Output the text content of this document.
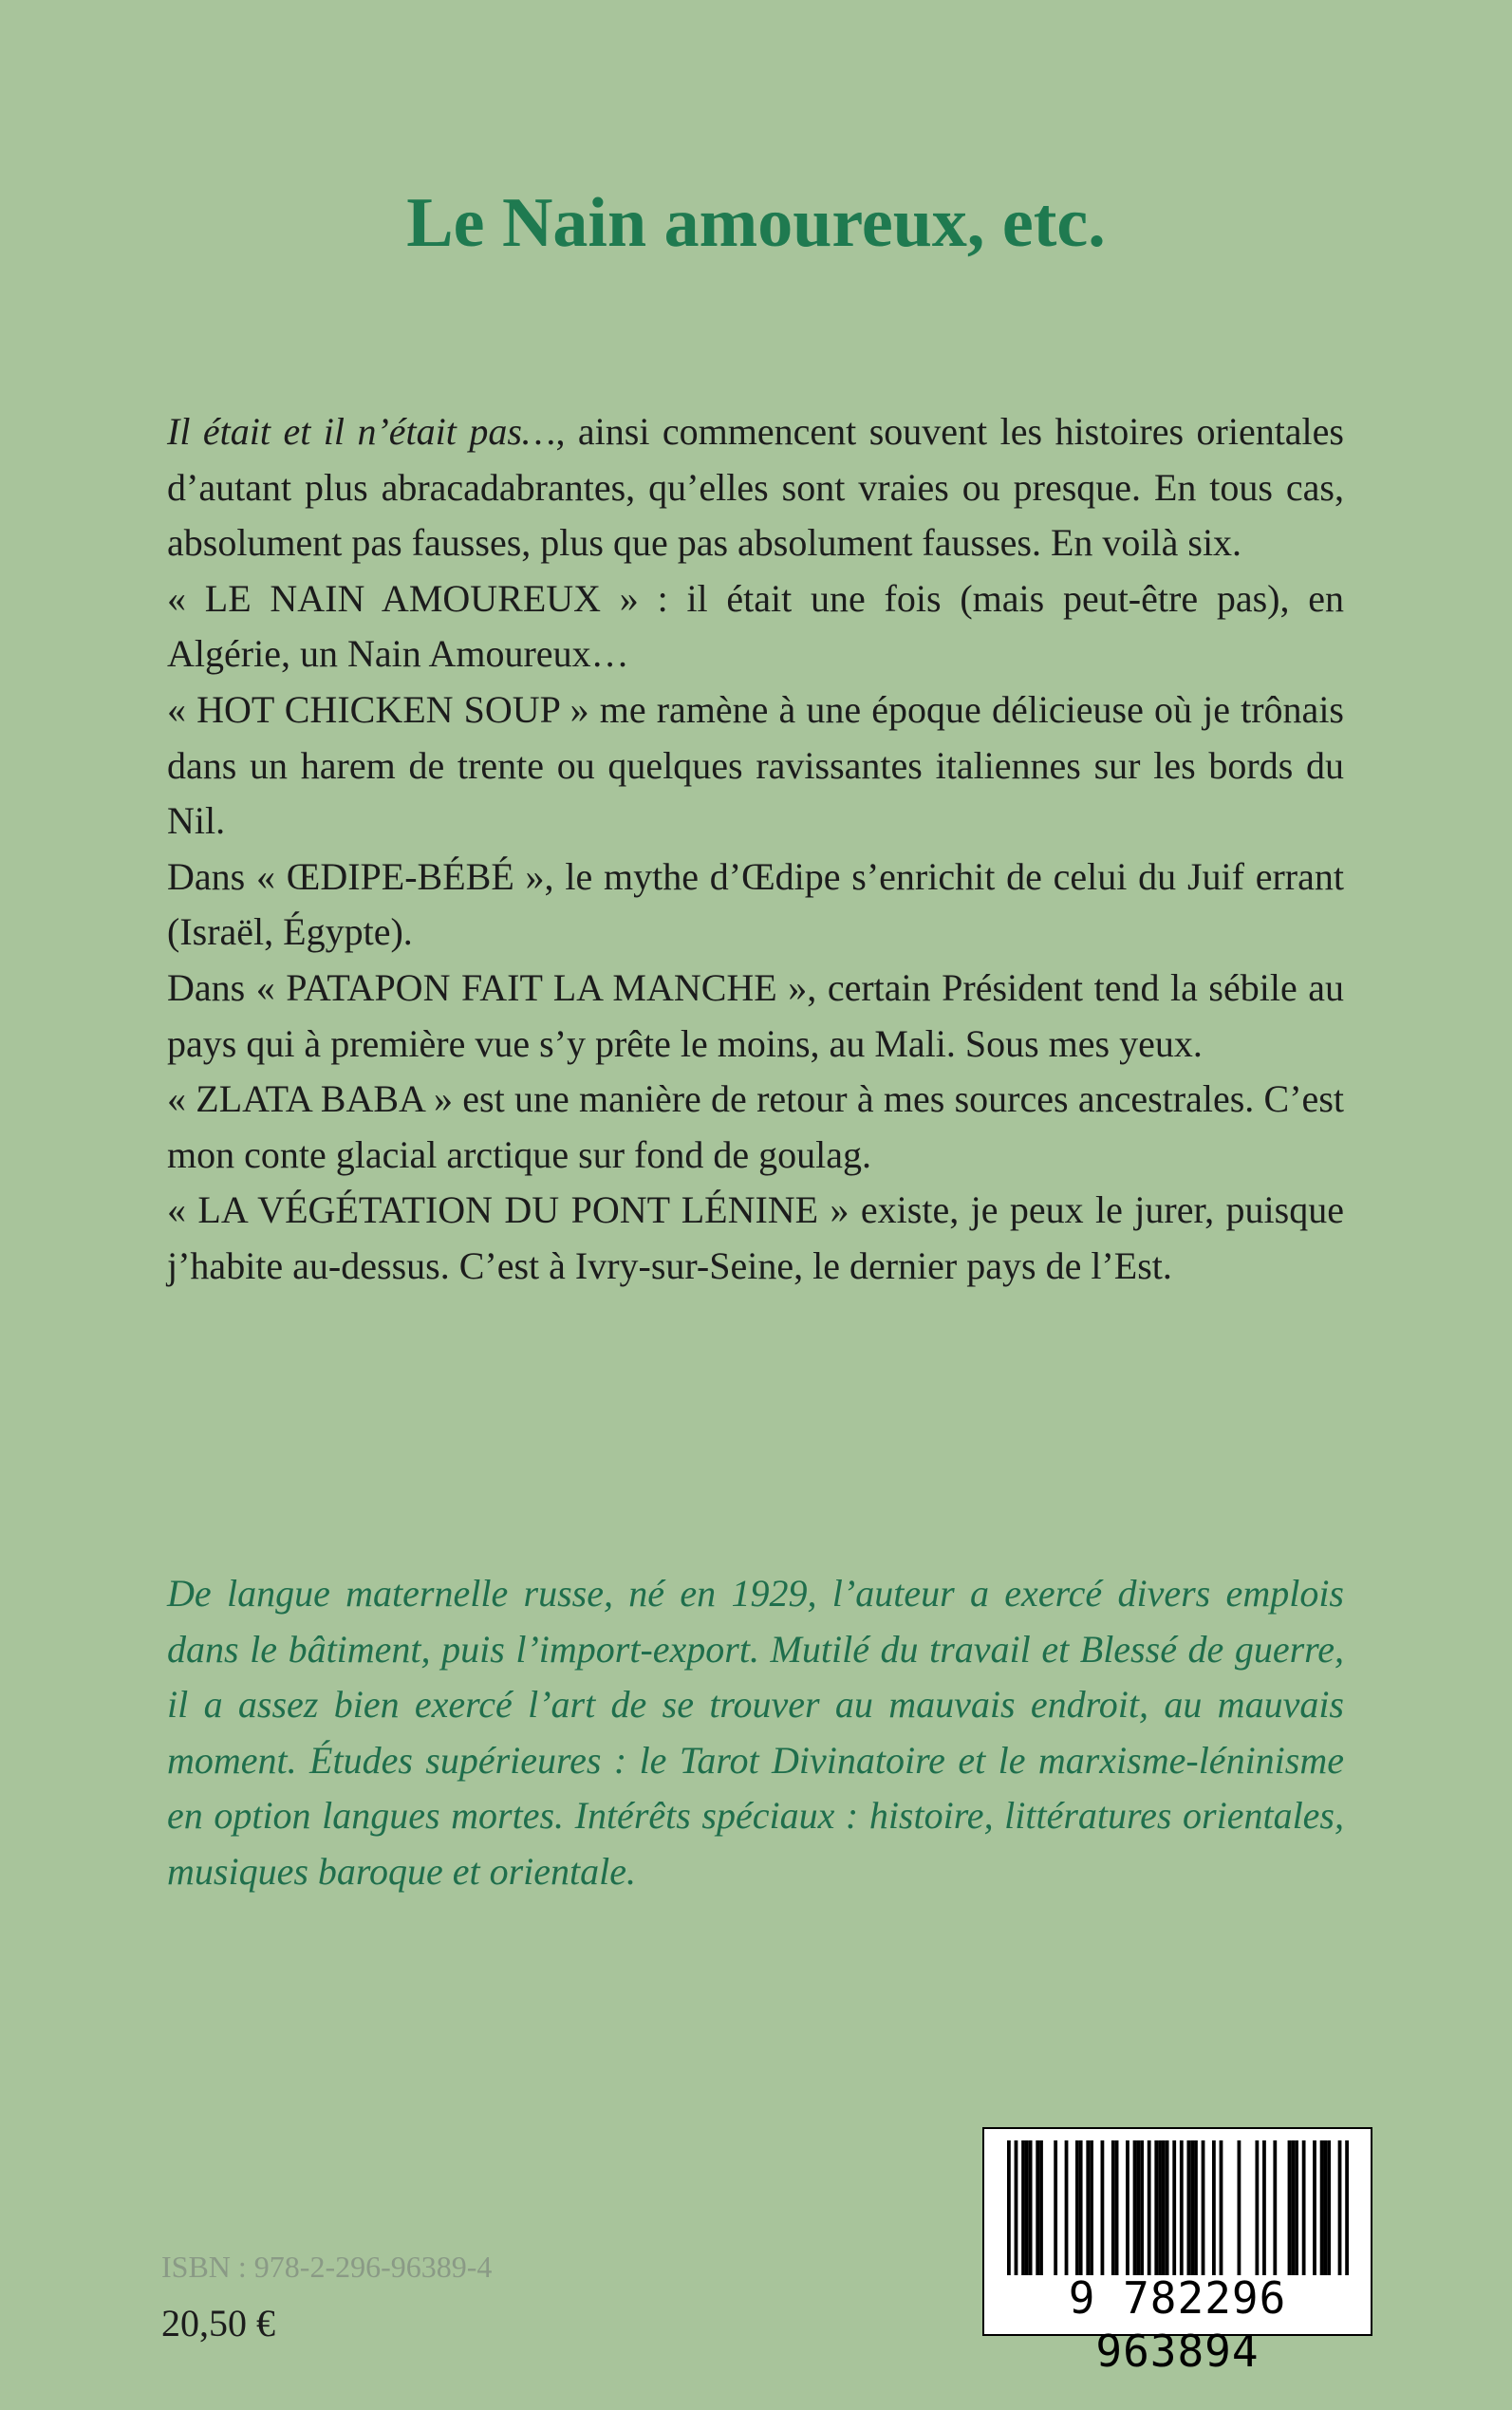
Le Nain amoureux, etc.

Il était et il n’était pas…, ainsi commencent souvent les histoires orientales d’autant plus abracadabrantes, qu’elles sont vraies ou presque. En tous cas, absolument pas fausses, plus que pas absolument fausses. En voilà six.

« LE NAIN AMOUREUX » : il était une fois (mais peut-être pas), en Algérie, un Nain Amoureux…

« HOT CHICKEN SOUP » me ramène à une époque délicieuse où je trônais dans un harem de trente ou quelques ravissantes italiennes sur les bords du Nil.

Dans « ŒDIPE-BÉBÉ », le mythe d’Œdipe s’enrichit de celui du Juif errant (Israël, Égypte).

Dans « PATAPON FAIT LA MANCHE », certain Président tend la sébile au pays qui à première vue s’y prête le moins, au Mali. Sous mes yeux.

« ZLATA BABA » est une manière de retour à mes sources ancestrales. C’est mon conte glacial arctique sur fond de goulag.

« LA VÉGÉTATION DU PONT LÉNINE » existe, je peux le jurer, puisque j’habite au-dessus. C’est à Ivry-sur-Seine, le dernier pays de l’Est.

De langue maternelle russe, né en 1929, l’auteur a exercé divers emplois dans le bâtiment, puis l’import-export. Mutilé du travail et Blessé de guerre, il a assez bien exercé l’art de se trouver au mauvais endroit, au mauvais moment. Études supérieures : le Tarot Divinatoire et le marxisme-léninisme en option langues mortes. Intérêts spéciaux : histoire, littératures orientales, musiques baroque et orientale.
ISBN : 978-2-296-96389-4
20,50 €	9 782296 963894
